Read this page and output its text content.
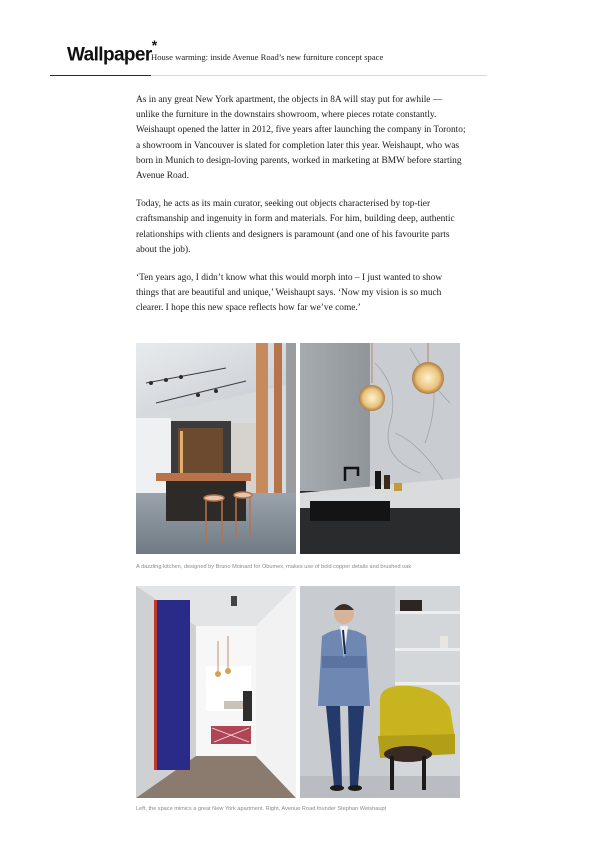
Wallpaper*
House warming: inside Avenue Road’s new furniture concept space

As in any great New York apartment, the objects in 8A will stay put for awhile — unlike the furniture in the downstairs showroom, where pieces rotate constantly. Weishaupt opened the latter in 2012, five years after launching the company in Toronto; a showroom in Vancouver is slated for completion later this year. Weishaupt, who was born in Munich to design-loving parents, worked in marketing at BMW before starting Avenue Road.

Today, he acts as its main curator, seeking out objects characterised by top-tier craftsmanship and ingenuity in form and materials. For him, building deep, authentic relationships with clients and designers is paramount (and one of his favourite parts about the job).

‘Ten years ago, I didn’t know what this would morph into – I just wanted to show things that are beautiful and unique,’ Weishaupt says. ‘Now my vision is so much clearer. I hope this new space reflects how far we’ve come.’

A dazzling kitchen, designed by Bruno Moinard for Obumex, makes use of bold copper details and brushed oak
Left, the space mimics a great New York apartment. Right, Avenue Road founder Stephan Weishaupt
